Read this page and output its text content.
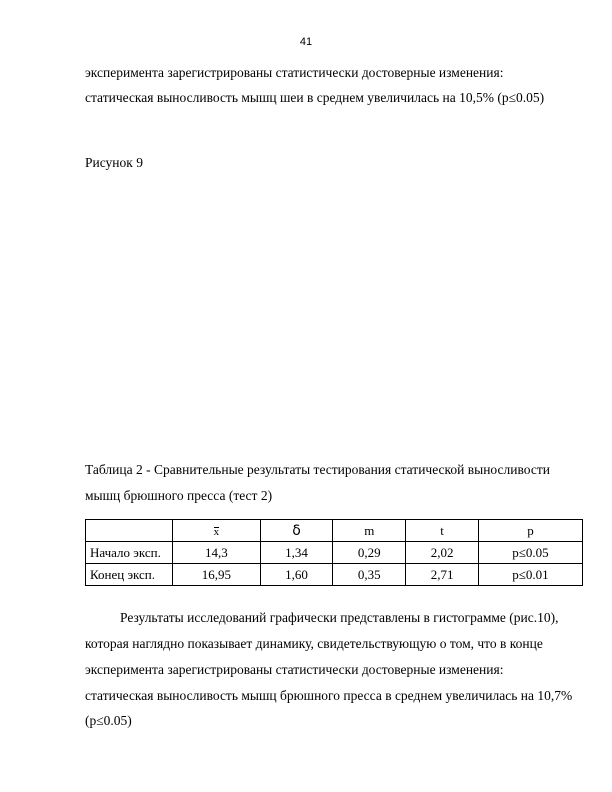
41
эксперимента зарегистрированы статистически достоверные изменения:
статическая выносливость мышц шеи в среднем увеличилась на 10,5% (p≤0.05)
Рисунок 9
Таблица 2 - Сравнительные результаты тестирования статической выносливости
мышц брюшного пресса (тест 2)
	x	δ	m	t	p
Начало эксп.	14,3	1,34	0,29	2,02	p≤0.05
Конец эксп.	16,95	1,60	0,35	2,71	p≤0.01
Результаты исследований графически представлены в гистограмме (рис.10),
которая наглядно показывает динамику, свидетельствующую о том, что в конце
эксперимента зарегистрированы статистически достоверные изменения:
статическая выносливость мышц брюшного пресса в среднем увеличилась на 10,7%
(p≤0.05)
